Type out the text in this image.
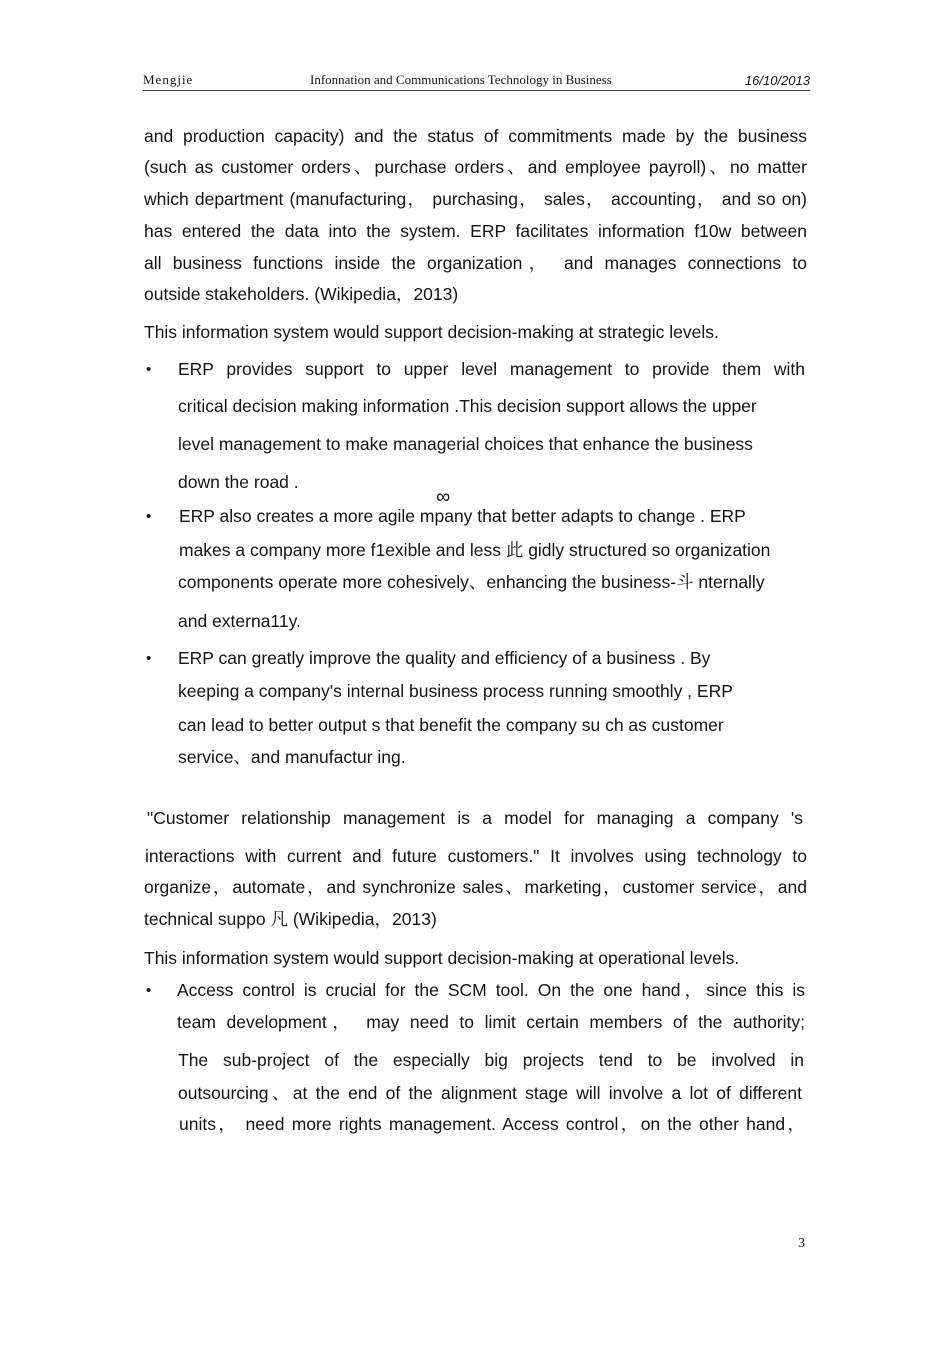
Mengjie	Infonnation and Communications Technology in Business	16/10/2013
and production capacity) and the status of commitments made by the business
(such as customer orders、purchase orders、and employee payroll)、no matter
which department (manufacturing， purchasing， sales， accounting， and so on)
has entered the data into the system. ERP facilitates information f10w between
all business functions inside the organization， and manages connections to
outside stakeholders. (Wikipedia，2013)
This information system would support decision-making at strategic levels.
• ERP provides support to upper level management to provide them with
critical decision making information .This decision support allows the upper
level management to make managerial choices that enhance the business
down the road .
∞
• ERP also creates a more agile mpany that better adapts to change . ERP
makes a company more f1exible and less 此 gidly structured so organization
components operate more cohesively、enhancing the business-斗 nternally
and externa11y.
• ERP can greatly improve the quality and efficiency of a business . By
keeping a company's internal business process running smoothly , ERP
can lead to better output s that benefit the company su ch as customer
service、and manufactur ing.
"Customer relationship management is a model for managing a company 's
interactions with current and future customers." It involves using technology to
organize，automate，and synchronize sales、marketing，customer service，and
technical suppo 凡 (Wikipedia，2013)
This information system would support decision-making at operational levels.
• Access control is crucial for the SCM tool. On the one hand，since this is
team development， may need to limit certain members of the authority;
The sub-project of the especially big projects tend to be involved in
outsourcing、at the end of the alignment stage will involve a lot of different
units， need more rights management. Access control，on the other hand，
3
